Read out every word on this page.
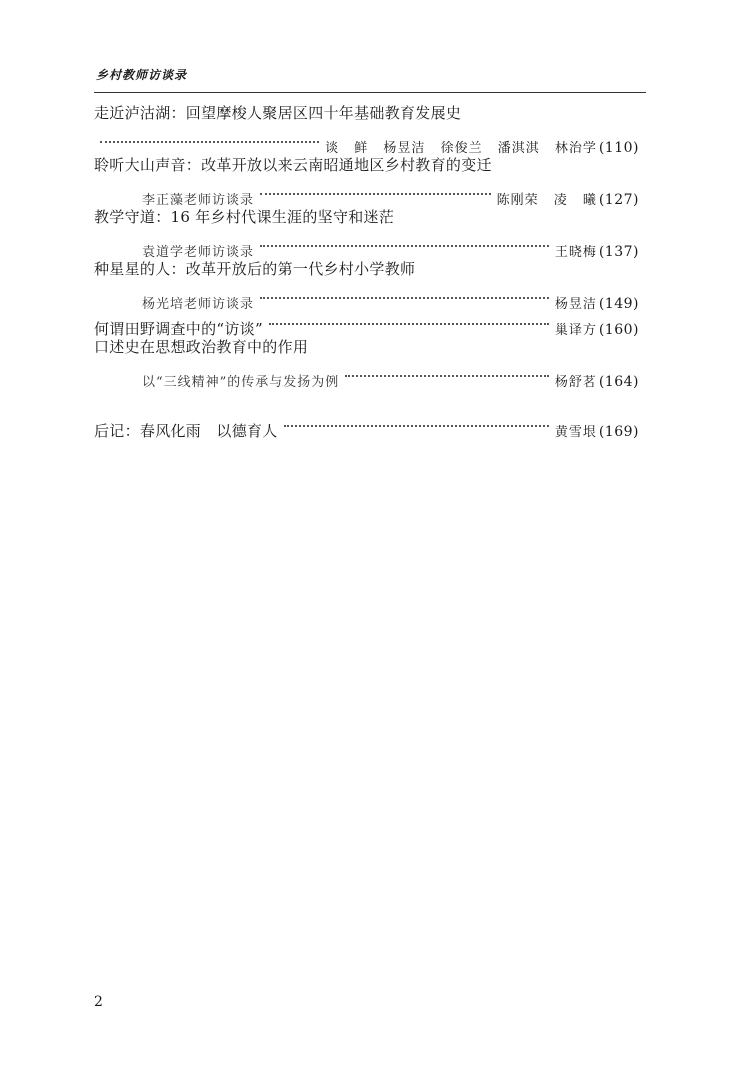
乡村教师访谈录
走近泸沽湖：回望摩梭人聚居区四十年基础教育发展史
谈 鲜 杨昱洁 徐俊兰 潘淇淇 林治学 (110)
聆听大山声音：改革开放以来云南昭通地区乡村教育的变迁
李正藻老师访谈录	陈刚荣 凌 曦 (127)
教学守道：16 年乡村代课生涯的坚守和迷茫
袁道学老师访谈录	王晓梅 (137)
种星星的人：改革开放后的第一代乡村小学教师
杨光培老师访谈录	杨昱洁 (149)
何谓田野调查中的“访谈”	巢译方 (160)
口述史在思想政治教育中的作用
以“三线精神”的传承与发扬为例	杨舒茗 (164)
后记：春风化雨　以德育人	黄雪垠 (169)
2
